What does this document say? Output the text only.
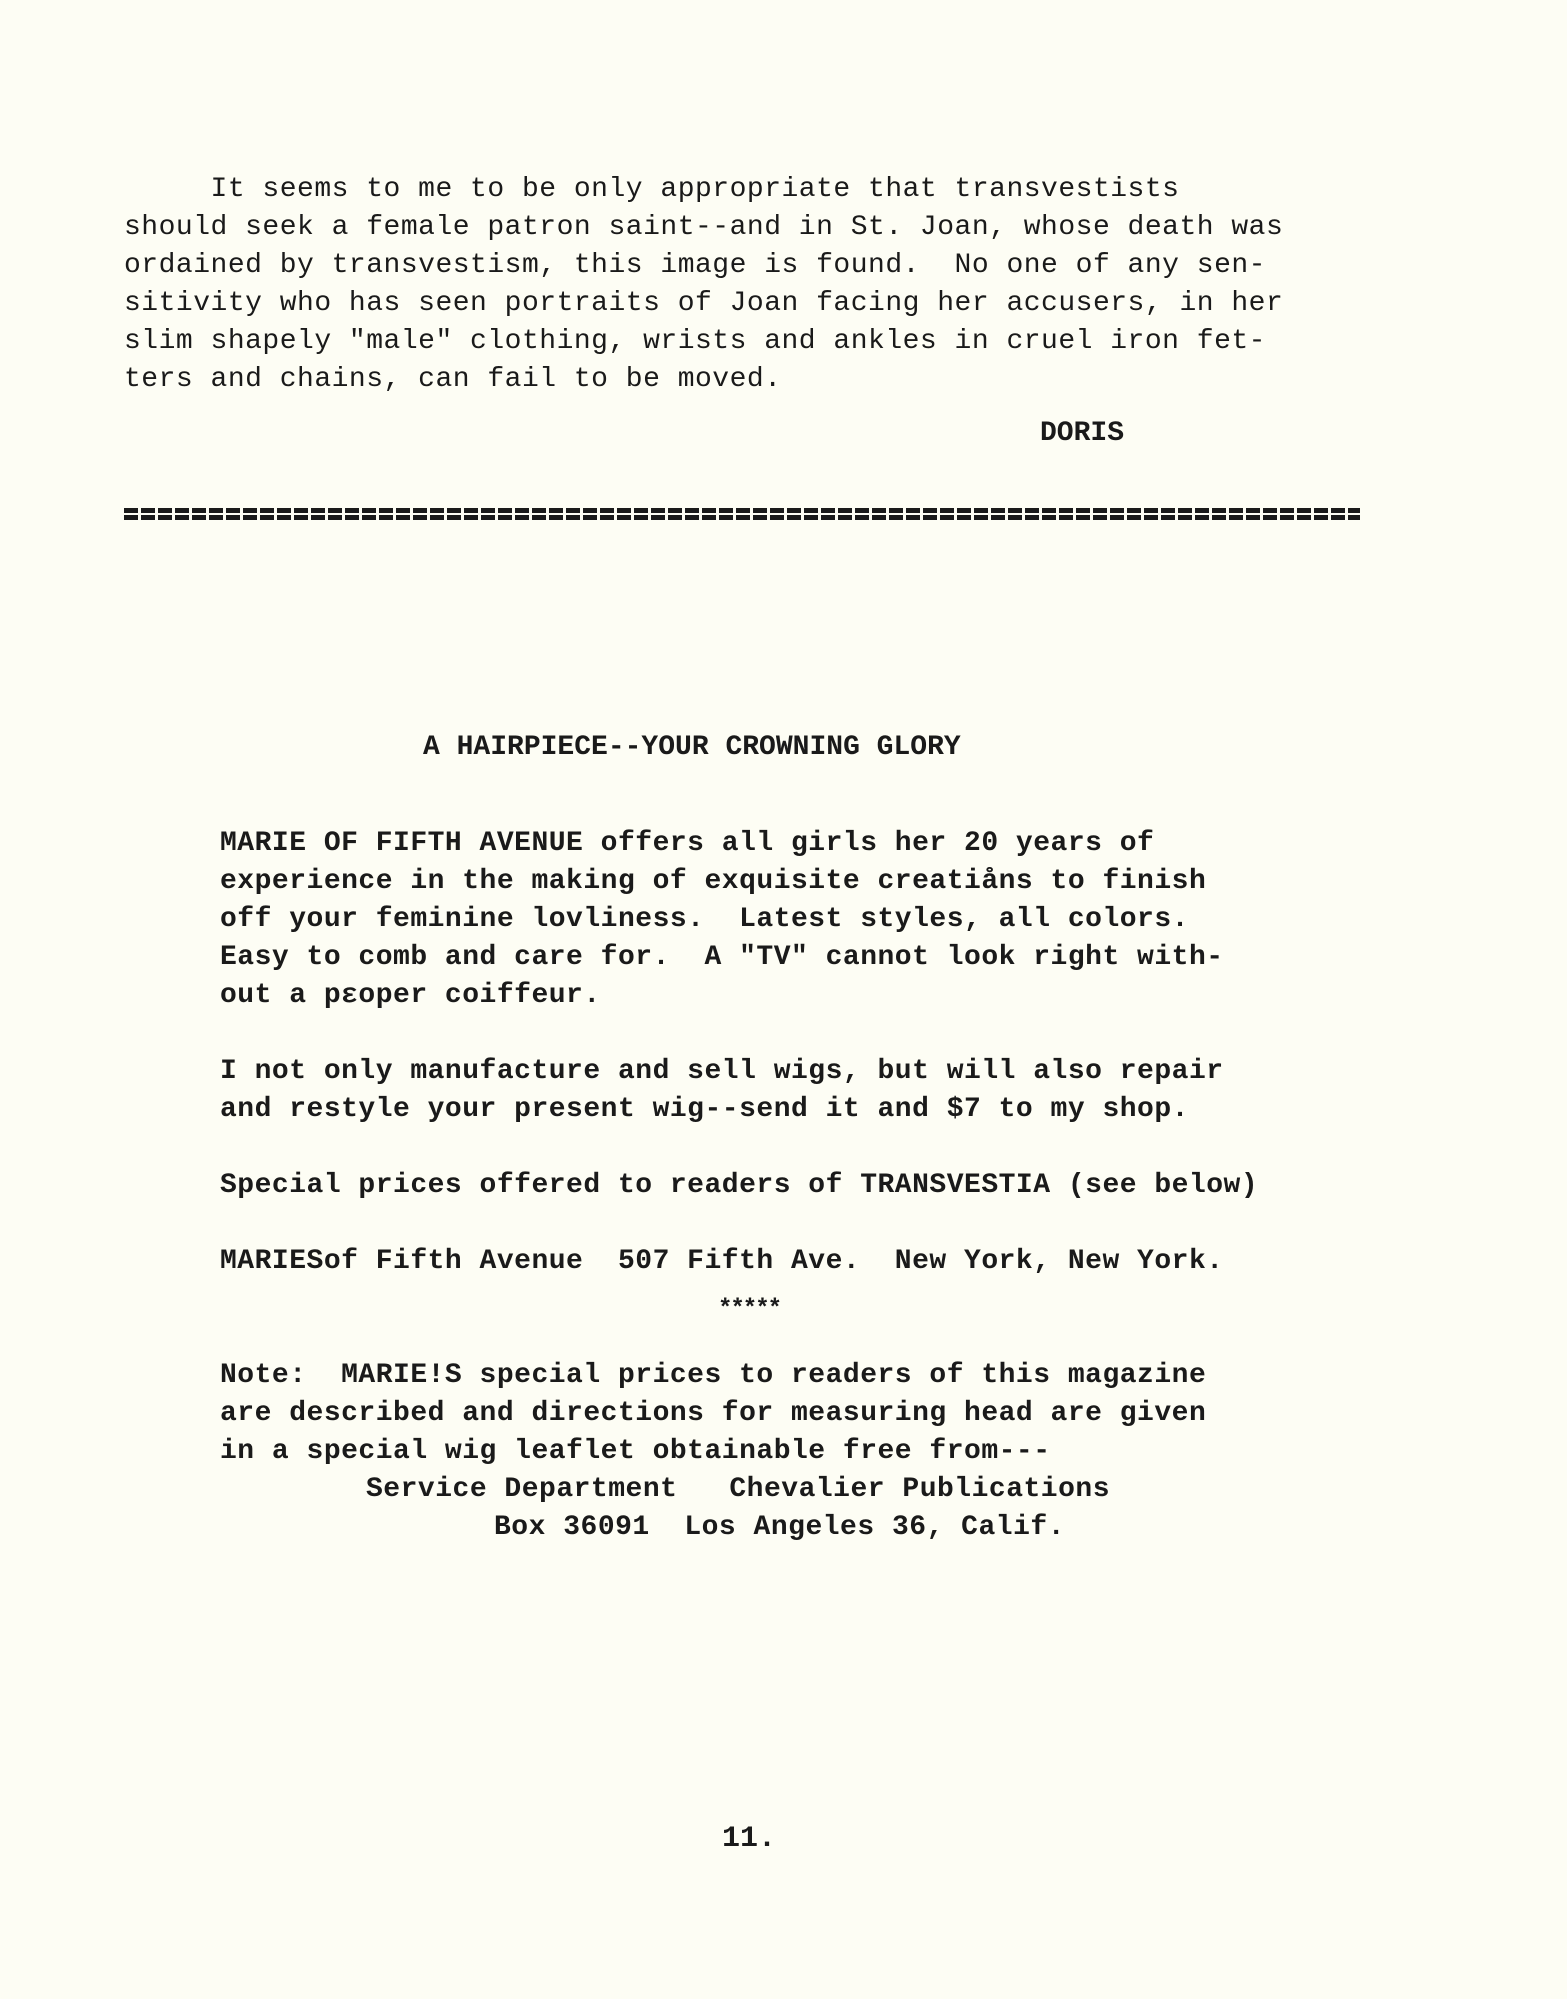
It seems to me to be only appropriate that transvestists
should seek a female patron saint--and in St. Joan, whose death was
ordained by transvestism, this image is found.  No one of any sen-
sitivity who has seen portraits of Joan facing her accusers, in her
slim shapely "male" clothing, wrists and ankles in cruel iron fet-
ters and chains, can fail to be moved.
DORIS
A HAIRPIECE--YOUR CROWNING GLORY
MARIE OF FIFTH AVENUE offers all girls her 20 years of
experience in the making of exquisite creatiåns to finish
off your feminine lovliness.  Latest styles, all colors.
Easy to comb and care for.  A "TV" cannot look right with-
out a pεoper coiffeur.
I not only manufacture and sell wigs, but will also repair
and restyle your present wig--send it and $7 to my shop.
Special prices offered to readers of TRANSVESTIA (see below)
MARIESof Fifth Avenue  507 Fifth Ave.  New York, New York.
*****
Note:  MARIE!S special prices to readers of this magazine
are described and directions for measuring head are given
in a special wig leaflet obtainable free from---
Service Department   Chevalier Publications
Box 36091  Los Angeles 36, Calif.
11.
